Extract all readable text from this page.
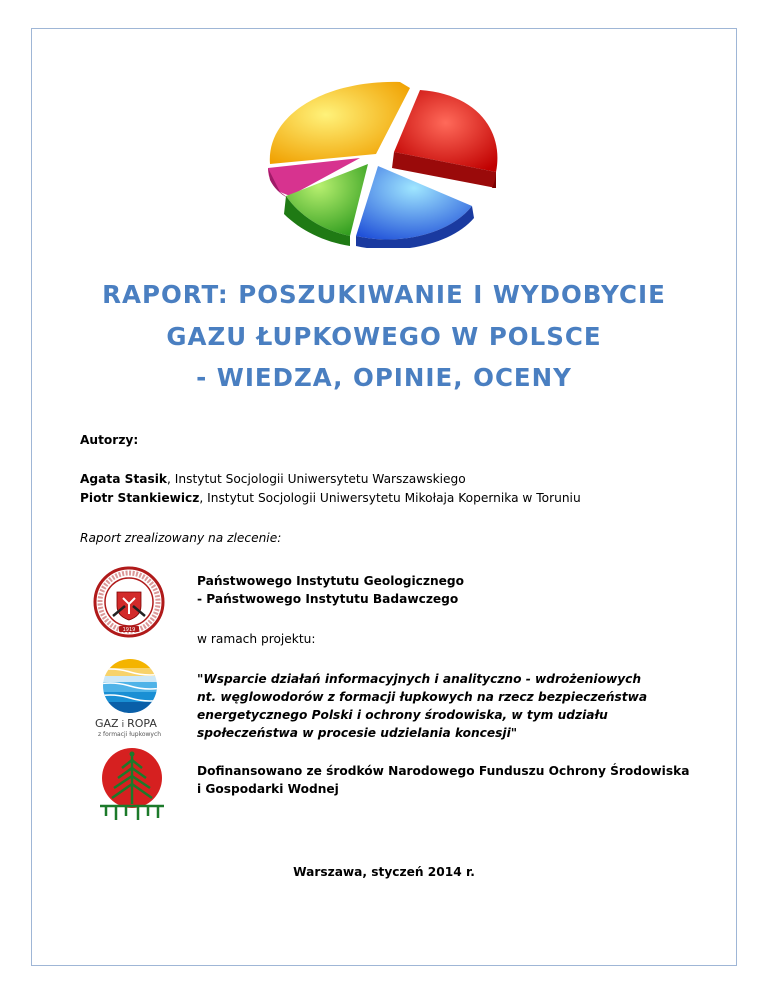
RAPORT: POSZUKIWANIE I WYDOBYCIE
GAZU ŁUPKOWEGO W POLSCE
- WIEDZA, OPINIE, OCENY
Autorzy:
Agata Stasik, Instytut Socjologii Uniwersytetu Warszawskiego
Piotr Stankiewicz, Instytut Socjologii Uniwersytetu Mikołaja Kopernika w Toruniu
Raport zrealizowany na zlecenie:
1919
Państwowego Instytutu Geologicznego
- Państwowego Instytutu Badawczego
w ramach projektu:
GAZ i ROPA
z formacji łupkowych
"Wsparcie działań informacyjnych i analityczno - wdrożeniowych
nt. węglowodorów z formacji łupkowych na rzecz bezpieczeństwa
energetycznego Polski i ochrony środowiska, w tym udziału
społeczeństwa w procesie udzielania koncesji"
Dofinansowano ze środków Narodowego Funduszu Ochrony Środowiska
i Gospodarki Wodnej
Warszawa, styczeń 2014 r.
